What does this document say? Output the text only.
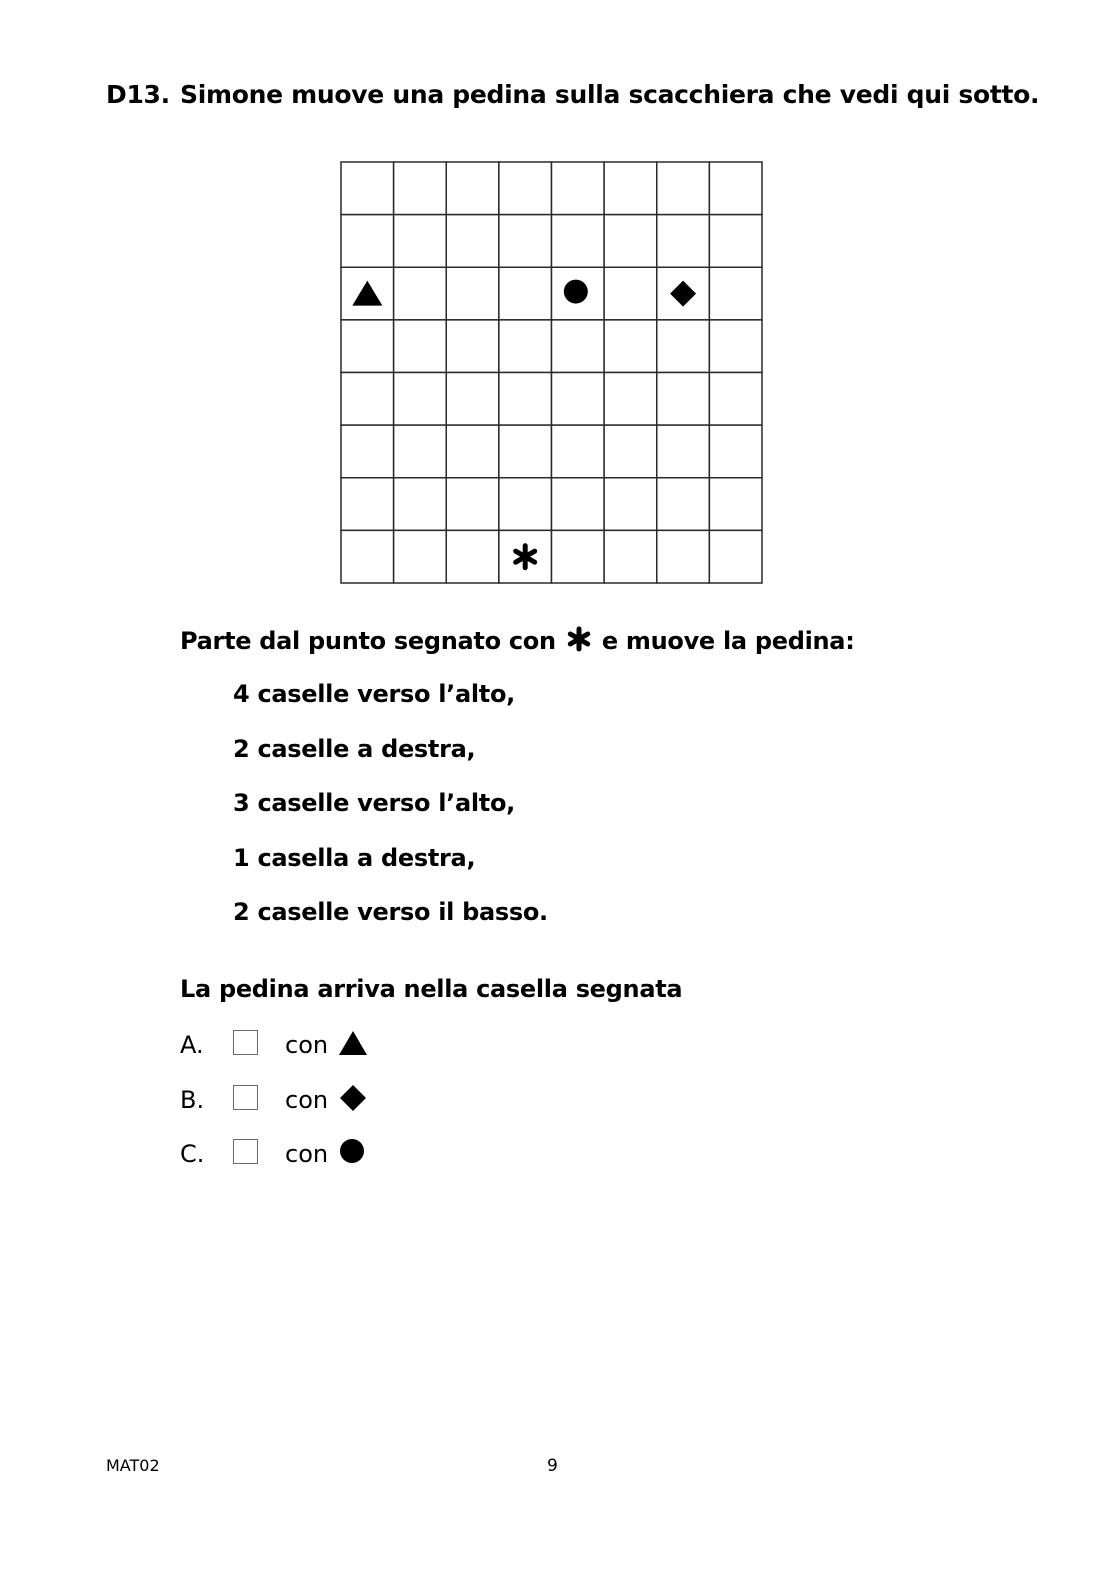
D13. Simone muove una pedina sulla scacchiera che vedi qui sotto.
Parte dal punto segnato con e muove la pedina:
4 caselle verso l’alto,
2 caselle a destra,
3 caselle verso l’alto,
1 casella a destra,
2 caselle verso il basso.
La pedina arriva nella casella segnata
A.	con
B.	con
C.	con
MAT02	9
